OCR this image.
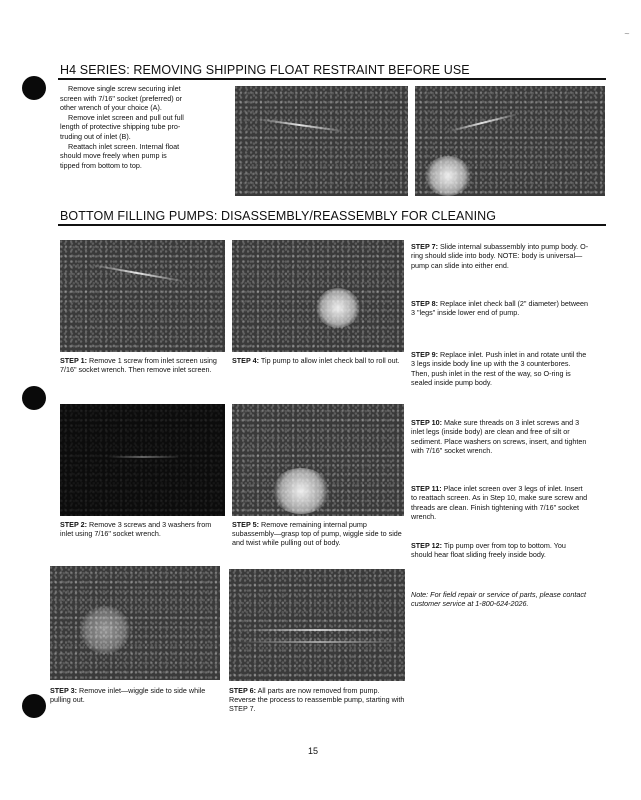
~
H4 SERIES: REMOVING SHIPPING FLOAT RESTRAINT BEFORE USE
Remove single screw securing inlet
screen with 7/16" socket (preferred) or
other wrench of your choice (A).
Remove inlet screen and pull out full
length of protective shipping tube pro-
truding out of inlet (B).
Reattach inlet screen. Internal float
should move freely when pump is
tipped from bottom to top.
BOTTOM FILLING PUMPS: DISASSEMBLY/REASSEMBLY FOR CLEANING
STEP 1: Remove 1 screw from inlet screen using 7/16" socket wrench. Then remove inlet screen.
STEP 2: Remove 3 screws and 3 washers from inlet using 7/16" socket wrench.
STEP 3: Remove inlet—wiggle side to side while pulling out.
STEP 4: Tip pump to allow inlet check ball to roll out.
STEP 5: Remove remaining internal pump subassembly—grasp top of pump, wiggle side to side and twist while pulling out of body.
STEP 6: All parts are now removed from pump. Reverse the process to reassemble pump, starting with STEP 7.
STEP 7: Slide internal subassembly into pump body. O-ring should slide into body. NOTE: body is universal—pump can slide into either end.
STEP 8: Replace inlet check ball (2" diameter) between 3 "legs" inside lower end of pump.
STEP 9: Replace inlet. Push inlet in and rotate until the 3 legs inside body line up with the 3 counterbores. Then, push inlet in the rest of the way, so O-ring is sealed inside pump body.
STEP 10: Make sure threads on 3 inlet screws and 3 inlet legs (inside body) are clean and free of silt or sediment. Place washers on screws, insert, and tighten with 7/16" socket wrench.
STEP 11: Place inlet screen over 3 legs of inlet. Insert to reattach screen. As in Step 10, make sure screw and threads are clean. Finish tightening with 7/16" socket wrench.
STEP 12: Tip pump over from top to bottom. You should hear float sliding freely inside body.
Note: For field repair or service of parts, please contact customer service at 1-800-624-2026.
15
